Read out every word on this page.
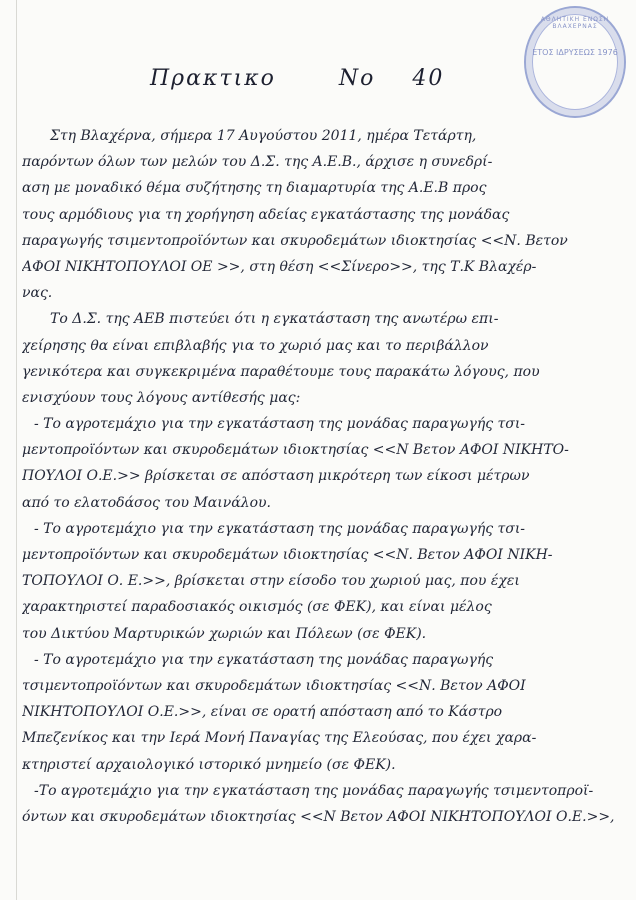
ΑΘΛΗΤΙΚΗ ΕΝΩΣΗ ΒΛΑΧΕΡΝΑΣ
ΕΤΟΣ ΙΔΡΥΣΕΩΣ 1976
Πρακτικο	Νο 40
Στη Βλαχέρνα, σήμερα 17 Αυγούστου 2011, ημέρα Τετάρτη,
παρόντων όλων των μελών του Δ.Σ. της Α.Ε.Β., άρχισε η συνεδρί-
αση με μοναδικό θέμα συζήτησης τη διαμαρτυρία της Α.Ε.Β προς
τους αρμόδιους για τη χορήγηση αδείας εγκατάστασης της μονάδας
παραγωγής τσιμεντοπροϊόντων και σκυροδεμάτων ιδιοκτησίας <<Ν. Βετον
ΑΦΟΙ ΝΙΚΗΤΟΠΟΥΛΟΙ ΟΕ >>, στη θέση <<Σίνερο>>, της Τ.Κ Βλαχέρ-
νας.
Το Δ.Σ. της ΑΕΒ πιστεύει ότι η εγκατάσταση της ανωτέρω επι-
χείρησης θα είναι επιβλαβής για το χωριό μας και το περιβάλλον
γενικότερα και συγκεκριμένα παραθέτουμε τους παρακάτω λόγους, που
ενισχύουν τους λόγους αντίθεσής μας:
- Το αγροτεμάχιο για την εγκατάσταση της μονάδας παραγωγής τσι-
μεντοπροϊόντων και σκυροδεμάτων ιδιοκτησίας <<Ν Βετον ΑΦΟΙ ΝΙΚΗΤΟ-
ΠΟΥΛΟΙ Ο.Ε.>> βρίσκεται σε απόσταση μικρότερη των είκοσι μέτρων
από το ελατοδάσος του Μαινάλου.
- Το αγροτεμάχιο για την εγκατάσταση της μονάδας παραγωγής τσι-
μεντοπροϊόντων και σκυροδεμάτων ιδιοκτησίας <<Ν. Βετον ΑΦΟΙ ΝΙΚΗ-
ΤΟΠΟΥΛΟΙ Ο. Ε.>>, βρίσκεται στην είσοδο του χωριού μας, που έχει
χαρακτηριστεί παραδοσιακός οικισμός (σε ΦΕΚ), και είναι μέλος
του Δικτύου Μαρτυρικών χωριών και Πόλεων (σε ΦΕΚ).
- Το αγροτεμάχιο για την εγκατάσταση της μονάδας παραγωγής
τσιμεντοπροϊόντων και σκυροδεμάτων ιδιοκτησίας <<Ν. Βετον ΑΦΟΙ
ΝΙΚΗΤΟΠΟΥΛΟΙ Ο.Ε.>>, είναι σε ορατή απόσταση από το Κάστρο
Μπεζενίκος και την Ιερά Μονή Παναγίας της Ελεούσας, που έχει χαρα-
κτηριστεί αρχαιολογικό ιστορικό μνημείο (σε ΦΕΚ).
-Το αγροτεμάχιο για την εγκατάσταση της μονάδας παραγωγής τσιμεντοπροϊ-
όντων και σκυροδεμάτων ιδιοκτησίας <<Ν Βετον ΑΦΟΙ ΝΙΚΗΤΟΠΟΥΛΟΙ Ο.Ε.>>,
